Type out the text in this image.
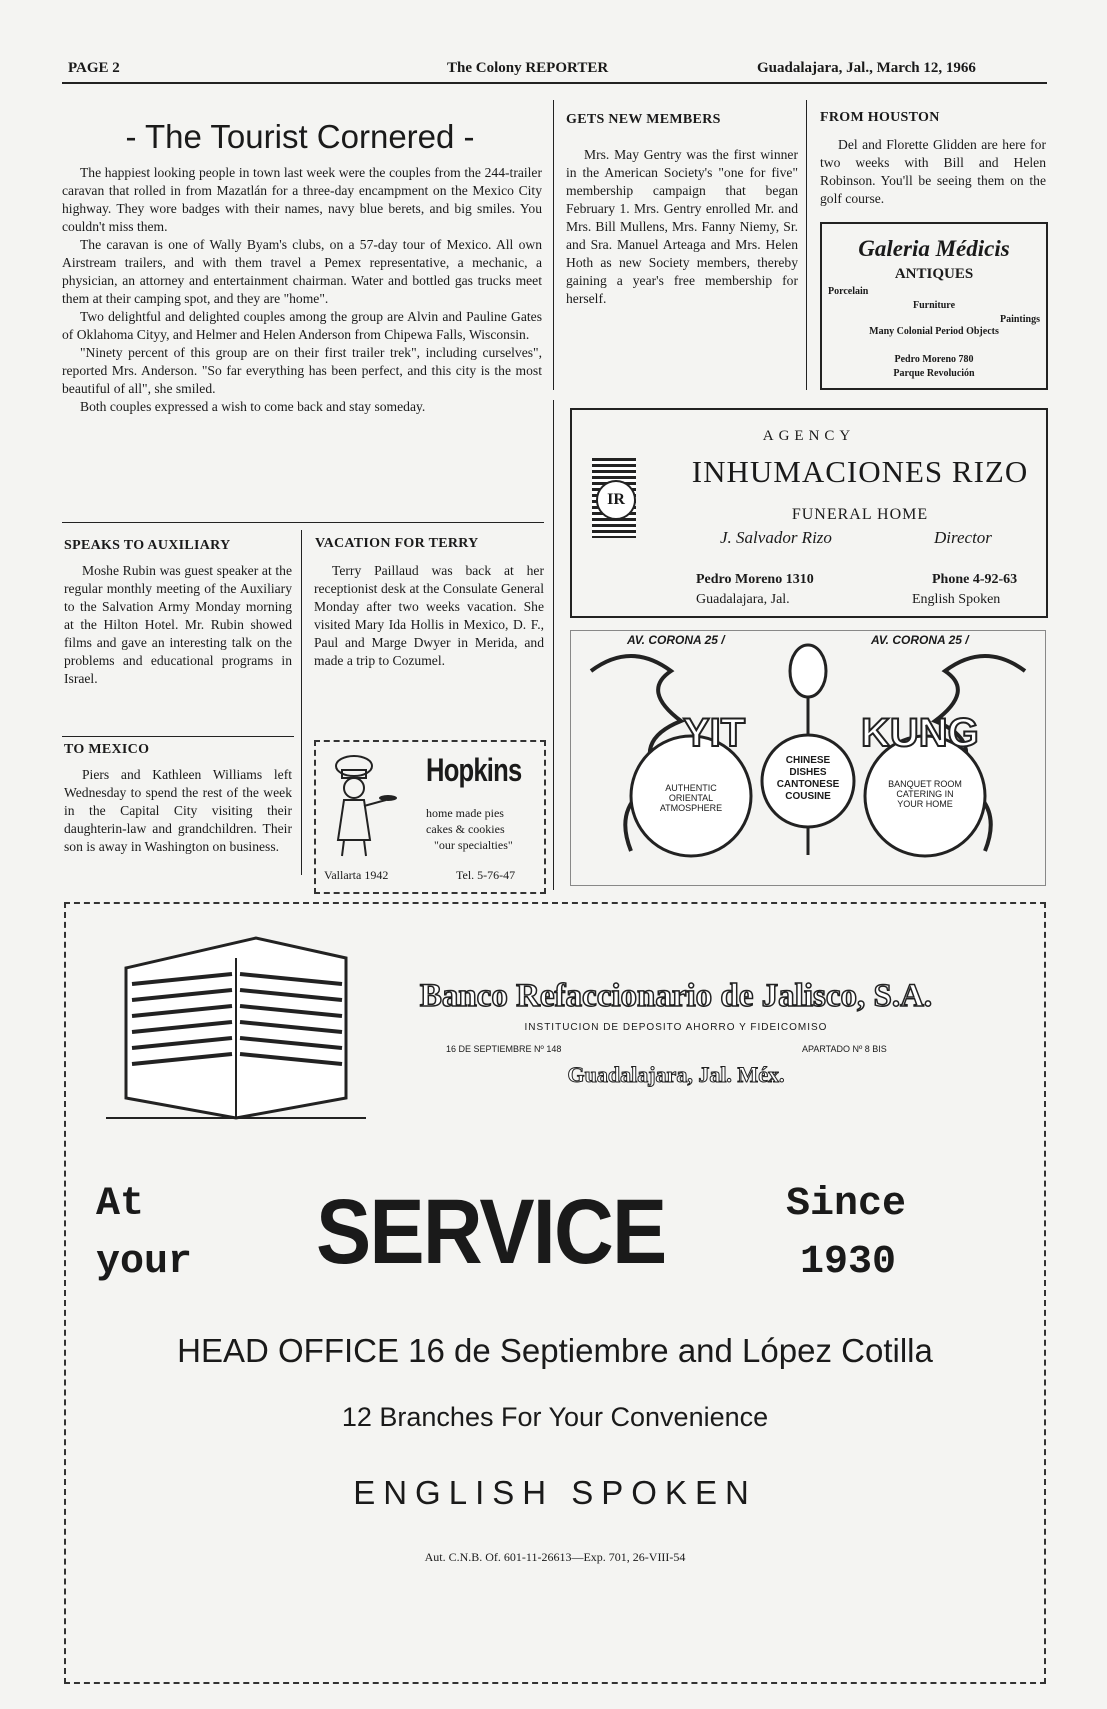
PAGE 2	The Colony REPORTER	Guadalajara, Jal., March 12, 1966
- The Tourist Cornered -

The happiest looking people in town last week were the couples from the 244-trailer caravan that rolled in from Mazatlán for a three-day encampment on the Mexico City highway. They wore badges with their names, navy blue berets, and big smiles. You couldn't miss them.

The caravan is one of Wally Byam's clubs, on a 57-day tour of Mexico. All own Airstream trailers, and with them travel a Pemex representative, a mechanic, a physician, an attorney and entertainment chairman. Water and bottled gas trucks meet them at their camping spot, and they are "home".

Two delightful and delighted couples among the group are Alvin and Pauline Gates of Oklahoma Cityy, and Helmer and Helen Anderson from Chipewa Falls, Wisconsin.

"Ninety percent of this group are on their first trailer trek", including curselves", reported Mrs. Anderson. "So far everything has been perfect, and this city is the most beautiful of all", she smiled.

Both couples expressed a wish to come back and stay someday.

GETS NEW MEMBERS

Mrs. May Gentry was the first winner in the American Society's "one for five" membership campaign that began February 1. Mrs. Gentry enrolled Mr. and Mrs. Bill Mullens, Mrs. Fanny Niemy, Sr. and Sra. Manuel Arteaga and Mrs. Helen Hoth as new Society members, thereby gaining a year's free membership for herself.

FROM HOUSTON

Del and Florette Glidden are here for two weeks with Bill and Helen Robinson. You'll be seeing them on the golf course.

Galeria Médicis
ANTIQUES
Porcelain
Furniture
Paintings
Many Colonial Period Objects
Pedro Moreno 780
Parque Revolución
SPEAKS TO AUXILIARY

Moshe Rubin was guest speaker at the regular monthly meeting of the Auxiliary to the Salvation Army Monday morning at the Hilton Hotel. Mr. Rubin showed films and gave an interesting talk on the problems and educational programs in Israel.

TO MEXICO

Piers and Kathleen Williams left Wednesday to spend the rest of the week in the Capital City visiting their daughterin-law and grandchildren. Their son is away in Washington on business.

VACATION FOR TERRY

Terry Paillaud was back at her receptionist desk at the Consulate General Monday after two weeks vacation. She visited Mary Ida Hollis in Mexico, D. F., Paul and Marge Dwyer in Merida, and made a trip to Cozumel.

Hopkins
home made pies
cakes & cookies
"our specialties"
Vallarta 1942	Tel. 5-76-47
AGENCY
INHUMACIONES RIZO
IR
FUNERAL HOME
J. Salvador Rizo	Director
Pedro Moreno 1310
Guadalajara, Jal.
Phone 4-92-63
English Spoken
AV. CORONA 25 /	AV. CORONA 25 /
YIT	KUNG
AUTHENTIC ORIENTAL ATMOSPHERE
CHINESE DISHES CANTONESE COUSINE
BANQUET ROOM CATERING IN YOUR HOME
Banco Refaccionario de Jalisco, S.A.
INSTITUCION DE DEPOSITO AHORRO Y FIDEICOMISO
16 DE SEPTIEMBRE Nº 148	APARTADO Nº 8 BIS
Guadalajara, Jal. Méx.
At
your SERVICE	Since
1930
HEAD OFFICE 16 de Septiembre and López Cotilla
12 Branches For Your Convenience
ENGLISH SPOKEN
Aut. C.N.B. Of. 601-11-26613—Exp. 701, 26-VIII-54
